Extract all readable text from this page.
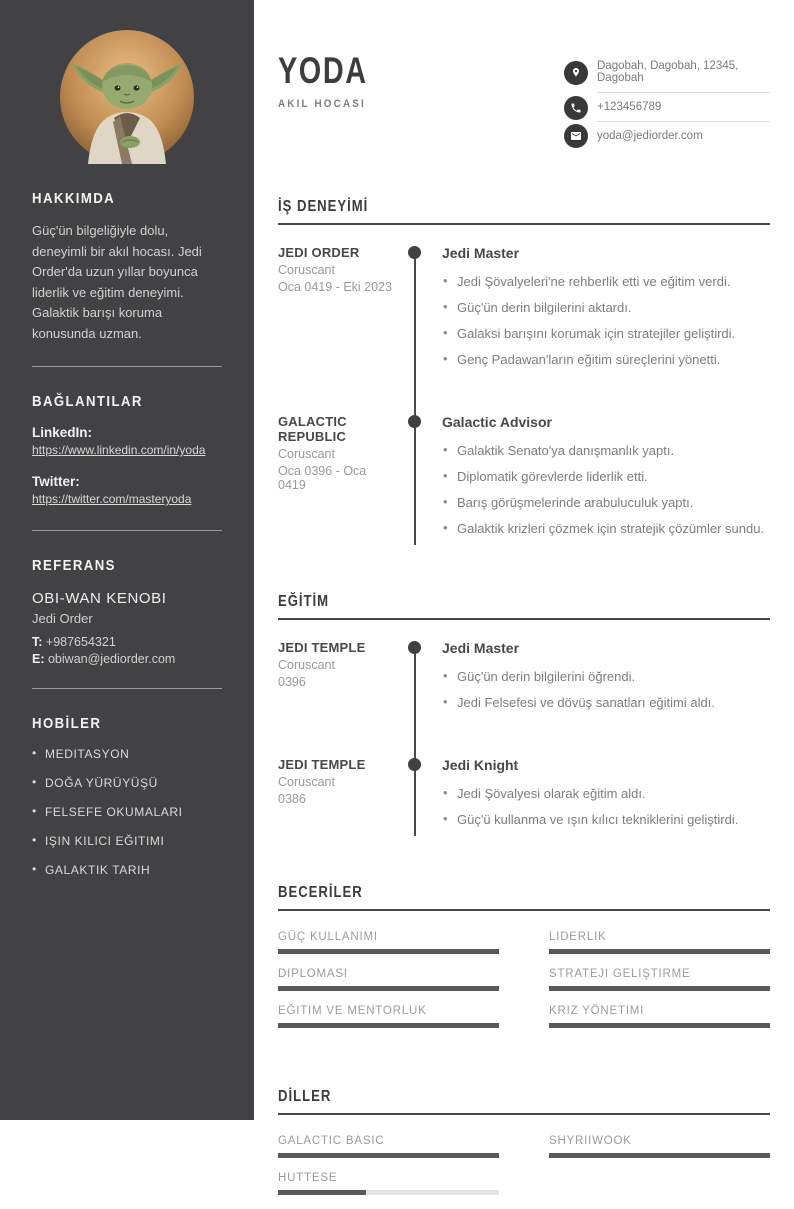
HAKKIMDA

Güç'ün bilgeliğiyle dolu, deneyimli bir akıl hocası. Jedi Order'da uzun yıllar boyunca liderlik ve eğitim deneyimi. Galaktik barışı koruma konusunda uzman.

BAĞLANTILAR
LinkedIn:
https://www.linkedin.com/in/yoda
Twitter:
https://twitter.com/masteryoda
REFERANS
OBI-WAN KENOBI
Jedi Order
T: +987654321
E: obiwan@jediorder.com
HOBİLER
• MEDITASYON
• DOĞA YÜRÜYÜŞÜ
• FELSEFE OKUMALARI
• IŞIN KILICI EĞITIMI
• GALAKTIK TARIH
YODA
AKIL HOCASI
Dagobah, Dagobah, 12345, Dagobah
+123456789
yoda@jediorder.com
İŞ DENEYİMİ
JEDI ORDER
Coruscant
Oca 0419 - Eki 2023
Jedi Master
• Jedi Şövalyeleri'ne rehberlik etti ve eğitim verdi.
• Güç'ün derin bilgilerini aktardı.
• Galaksi barışını korumak için stratejiler geliştirdi.
• Genç Padawan'ların eğitim süreçlerini yönetti.
GALACTIC REPUBLIC
Coruscant
Oca 0396 - Oca 0419
Galactic Advisor
• Galaktik Senato'ya danışmanlık yaptı.
• Diplomatik görevlerde liderlik etti.
• Barış görüşmelerinde arabuluculuk yaptı.
• Galaktik krizleri çözmek için stratejik çözümler sundu.
EĞİTİM
JEDI TEMPLE
Coruscant
0396
Jedi Master
• Güç'ün derin bilgilerini öğrendi.
• Jedi Felsefesi ve dövüş sanatları eğitimi aldı.
JEDI TEMPLE
Coruscant
0386
Jedi Knight
• Jedi Şövalyesi olarak eğitim aldı.
• Güç'ü kullanma ve ışın kılıcı tekniklerini geliştirdi.
BECERİLER
GÜÇ KULLANIMI	LIDERLIK
DIPLOMASI	STRATEJI GELIŞTIRME
EĞITIM VE MENTORLUK	KRIZ YÖNETIMI
DİLLER
GALACTIC BASIC	SHYRIIWOOK
HUTTESE
